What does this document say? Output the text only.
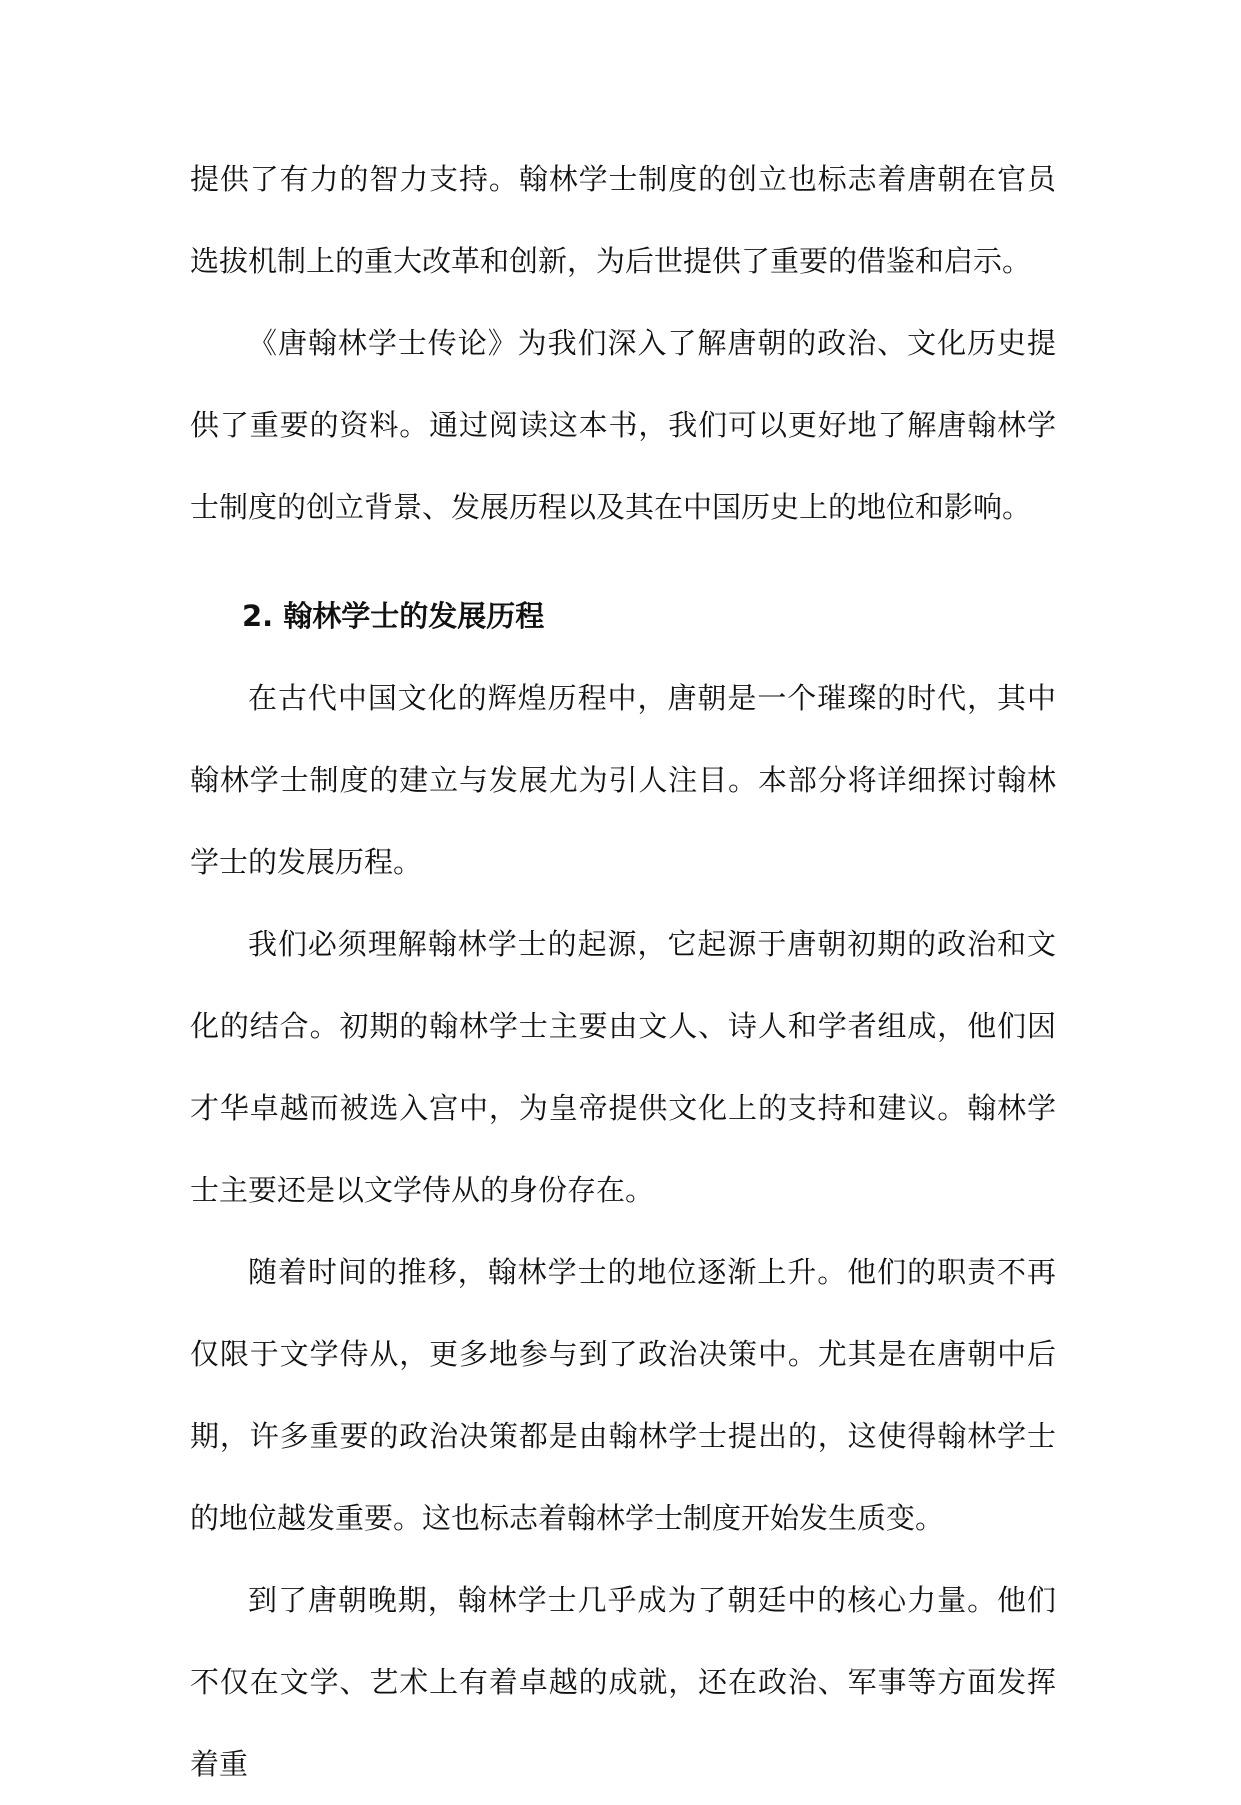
提供了有力的智力支持。翰林学士制度的创立也标志着唐朝在官员选拔机制上的重大改革和创新，为后世提供了重要的借鉴和启示。

《唐翰林学士传论》为我们深入了解唐朝的政治、文化历史提供了重要的资料。通过阅读这本书，我们可以更好地了解唐翰林学士制度的创立背景、发展历程以及其在中国历史上的地位和影响。

2. 翰林学士的发展历程

在古代中国文化的辉煌历程中，唐朝是一个璀璨的时代，其中翰林学士制度的建立与发展尤为引人注目。本部分将详细探讨翰林学士的发展历程。

我们必须理解翰林学士的起源，它起源于唐朝初期的政治和文化的结合。初期的翰林学士主要由文人、诗人和学者组成，他们因才华卓越而被选入宫中，为皇帝提供文化上的支持和建议。翰林学士主要还是以文学侍从的身份存在。

随着时间的推移，翰林学士的地位逐渐上升。他们的职责不再仅限于文学侍从，更多地参与到了政治决策中。尤其是在唐朝中后期，许多重要的政治决策都是由翰林学士提出的，这使得翰林学士的地位越发重要。这也标志着翰林学士制度开始发生质变。

到了唐朝晚期，翰林学士几乎成为了朝廷中的核心力量。他们不仅在文学、艺术上有着卓越的成就，还在政治、军事等方面发挥着重
